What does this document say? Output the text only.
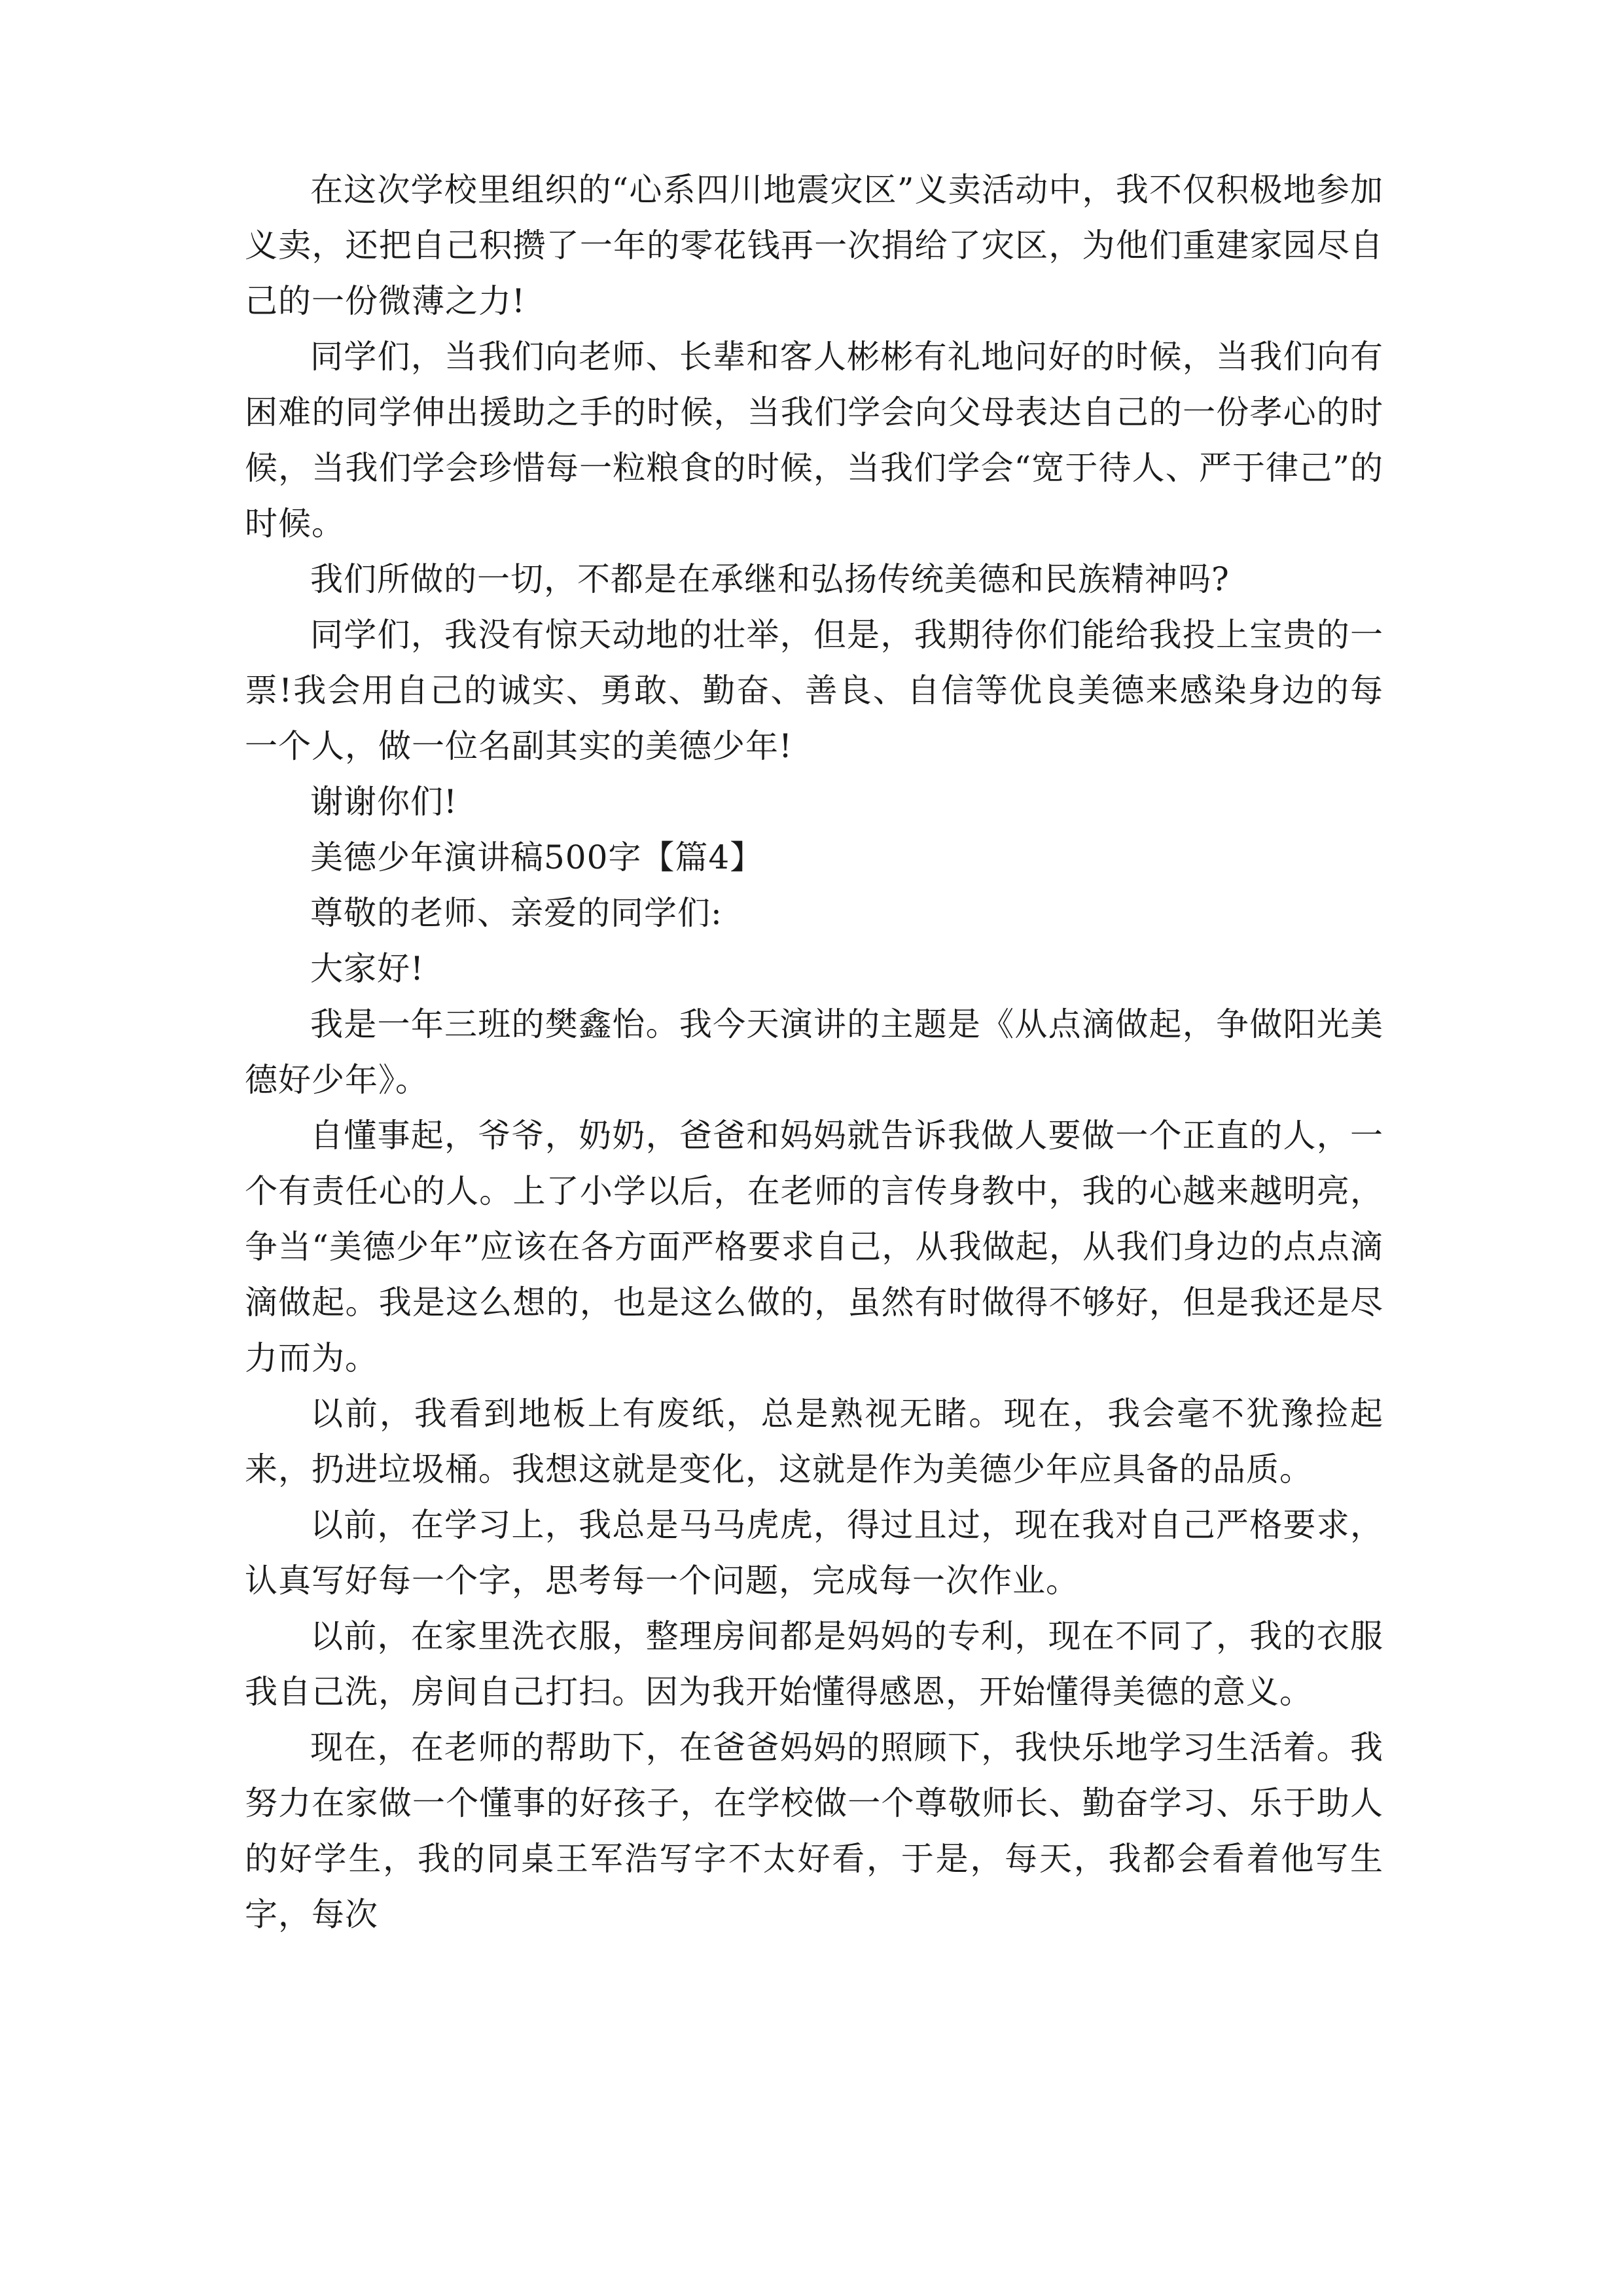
在这次学校里组织的“心系四川地震灾区”义卖活动中，我不仅积极地参加义卖，还把自己积攒了一年的零花钱再一次捐给了灾区，为他们重建家园尽自己的一份微薄之力!

同学们，当我们向老师、长辈和客人彬彬有礼地问好的时候，当我们向有困难的同学伸出援助之手的时候，当我们学会向父母表达自己的一份孝心的时候，当我们学会珍惜每一粒粮食的时候，当我们学会“宽于待人、严于律己”的时候。

我们所做的一切，不都是在承继和弘扬传统美德和民族精神吗?

同学们，我没有惊天动地的壮举，但是，我期待你们能给我投上宝贵的一票!我会用自己的诚实、勇敢、勤奋、善良、自信等优良美德来感染身边的每一个人，做一位名副其实的美德少年!

谢谢你们!

美德少年演讲稿500字【篇4】

尊敬的老师、亲爱的同学们:

大家好!

我是一年三班的樊鑫怡。我今天演讲的主题是《从点滴做起，争做阳光美德好少年》。

自懂事起，爷爷，奶奶，爸爸和妈妈就告诉我做人要做一个正直的人，一个有责任心的人。上了小学以后，在老师的言传身教中，我的心越来越明亮，争当“美德少年”应该在各方面严格要求自己，从我做起，从我们身边的点点滴滴做起。我是这么想的，也是这么做的，虽然有时做得不够好，但是我还是尽力而为。

以前，我看到地板上有废纸，总是熟视无睹。现在，我会毫不犹豫捡起来，扔进垃圾桶。我想这就是变化，这就是作为美德少年应具备的品质。

以前，在学习上，我总是马马虎虎，得过且过，现在我对自己严格要求，认真写好每一个字，思考每一个问题，完成每一次作业。

以前，在家里洗衣服，整理房间都是妈妈的专利，现在不同了，我的衣服我自己洗，房间自己打扫。因为我开始懂得感恩，开始懂得美德的意义。

现在，在老师的帮助下，在爸爸妈妈的照顾下，我快乐地学习生活着。我努力在家做一个懂事的好孩子，在学校做一个尊敬师长、勤奋学习、乐于助人的好学生，我的同桌王军浩写字不太好看，于是，每天，我都会看着他写生字，每次
